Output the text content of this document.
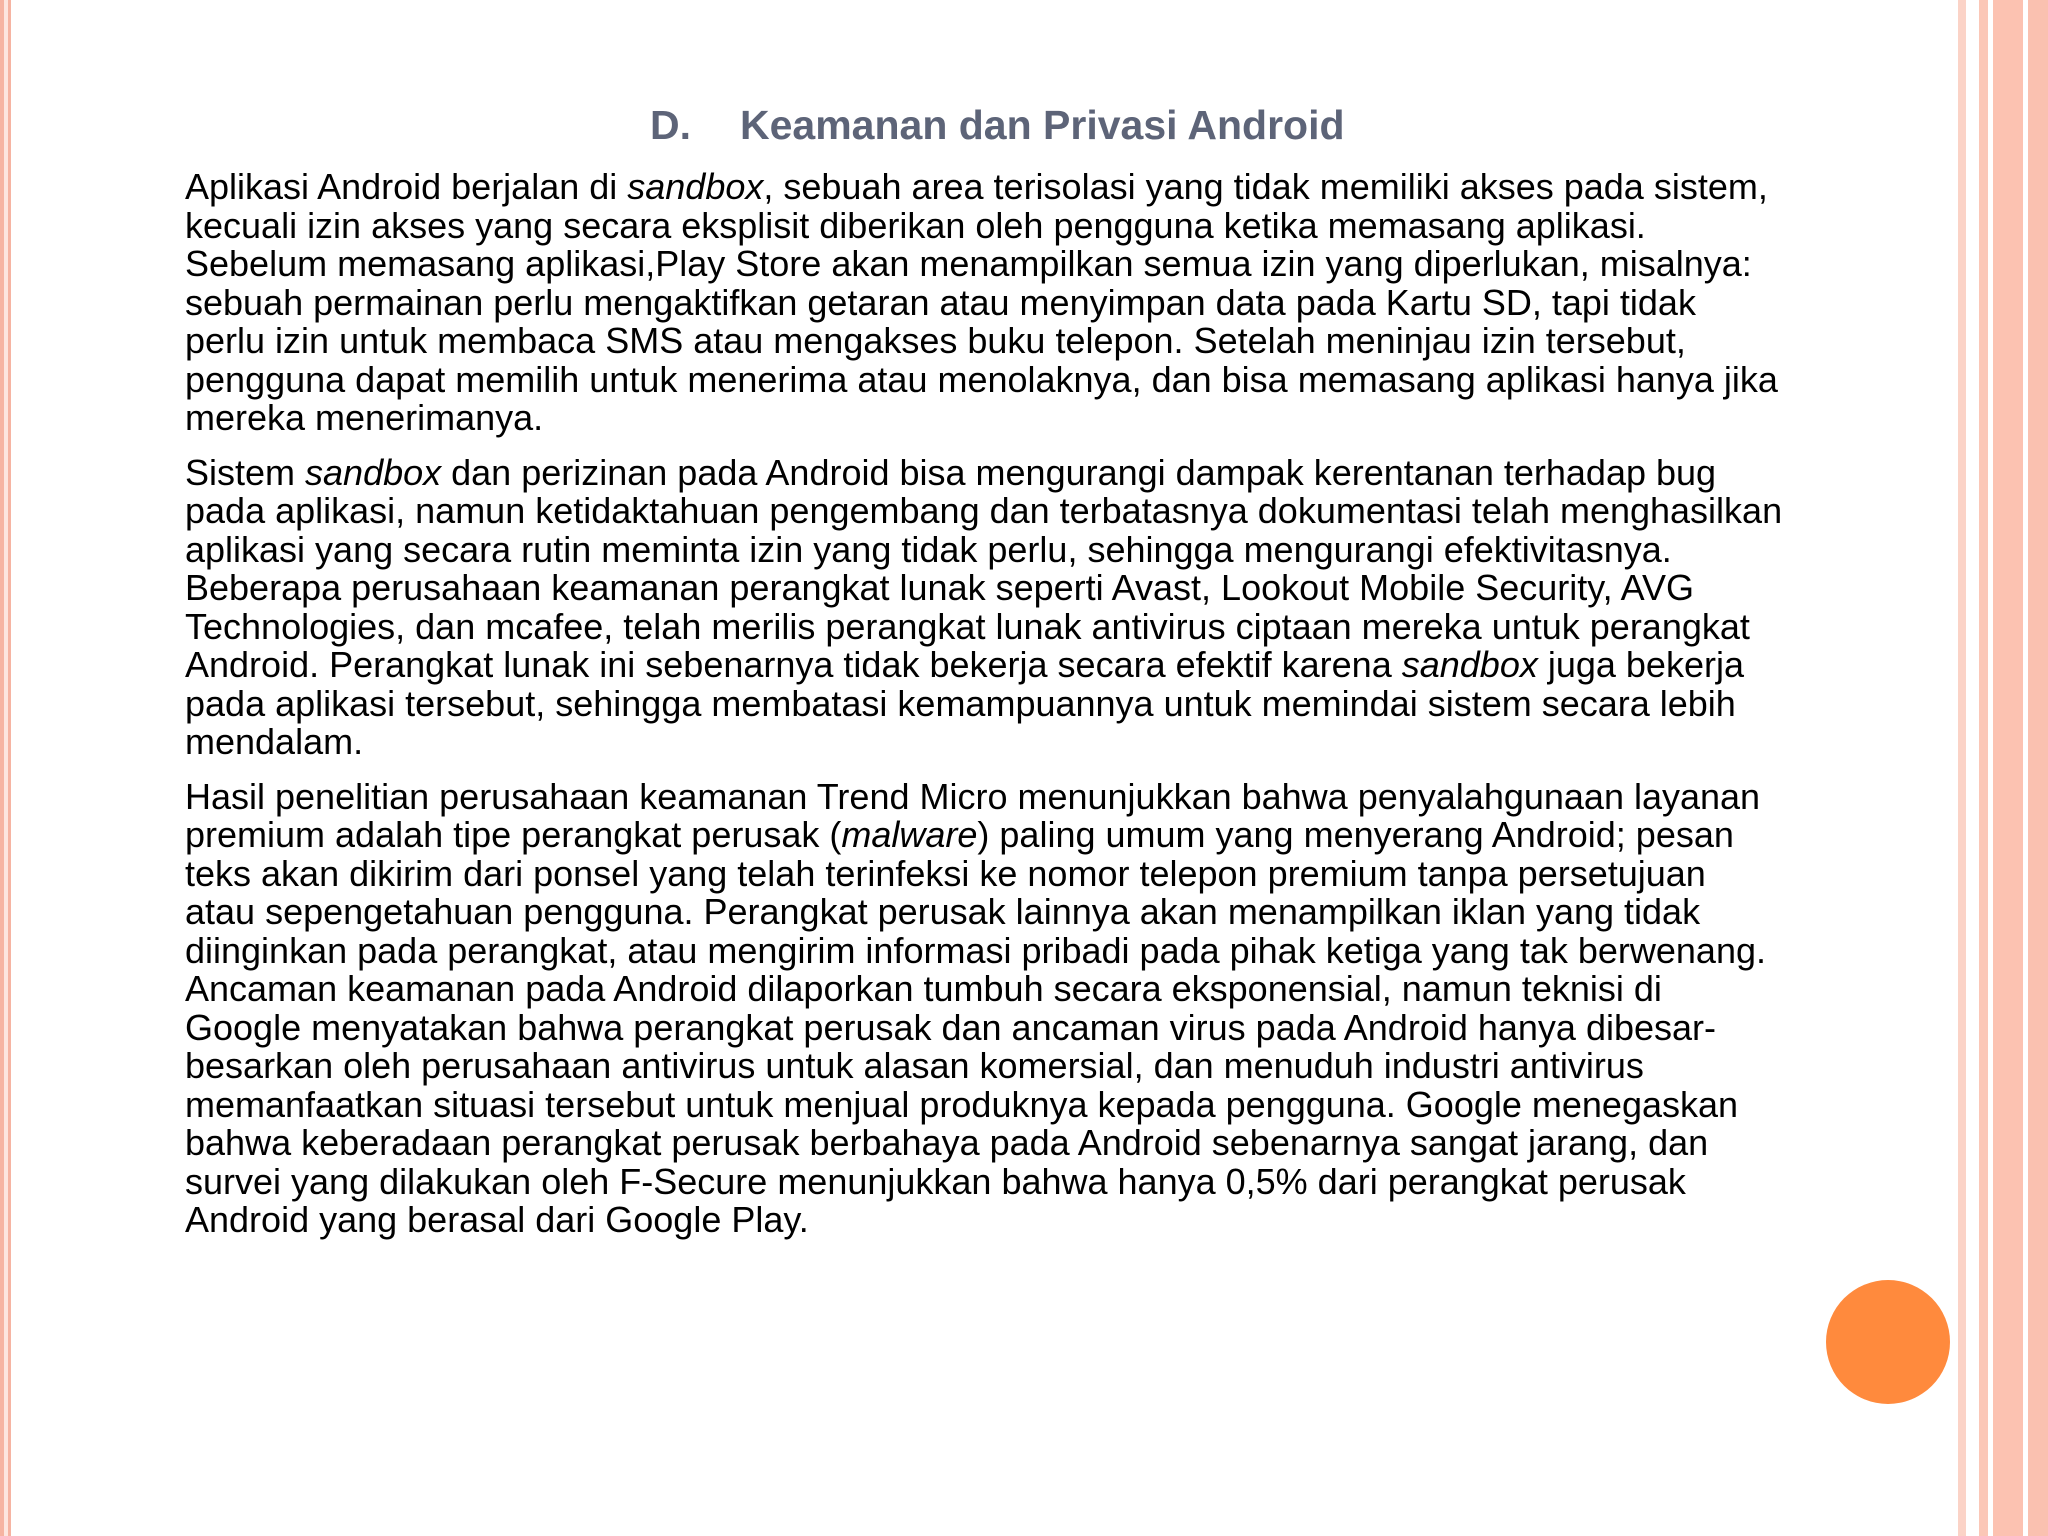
D. Keamanan dan Privasi Android

Aplikasi Android berjalan di sandbox, sebuah area terisolasi yang tidak memiliki akses pada sistem, kecuali izin akses yang secara eksplisit diberikan oleh pengguna ketika memasang aplikasi. Sebelum memasang aplikasi,Play Store akan menampilkan semua izin yang diperlukan, misalnya: sebuah permainan perlu mengaktifkan getaran atau menyimpan data pada Kartu SD, tapi tidak perlu izin untuk membaca SMS atau mengakses buku telepon. Setelah meninjau izin tersebut, pengguna dapat memilih untuk menerima atau menolaknya, dan bisa memasang aplikasi hanya jika mereka menerimanya.

Sistem sandbox dan perizinan pada Android bisa mengurangi dampak kerentanan terhadap bug pada aplikasi, namun ketidaktahuan pengembang dan terbatasnya dokumentasi telah menghasilkan aplikasi yang secara rutin meminta izin yang tidak perlu, sehingga mengurangi efektivitasnya. Beberapa perusahaan keamanan perangkat lunak seperti Avast, Lookout Mobile Security, AVG Technologies, dan mcafee, telah merilis perangkat lunak antivirus ciptaan mereka untuk perangkat Android. Perangkat lunak ini sebenarnya tidak bekerja secara efektif karena sandbox juga bekerja pada aplikasi tersebut, sehingga membatasi kemampuannya untuk memindai sistem secara lebih mendalam.

Hasil penelitian perusahaan keamanan Trend Micro menunjukkan bahwa penyalahgunaan layanan premium adalah tipe perangkat perusak (malware) paling umum yang menyerang Android; pesan teks akan dikirim dari ponsel yang telah terinfeksi ke nomor telepon premium tanpa persetujuan atau sepengetahuan pengguna. Perangkat perusak lainnya akan menampilkan iklan yang tidak diinginkan pada perangkat, atau mengirim informasi pribadi pada pihak ketiga yang tak berwenang. Ancaman keamanan pada Android dilaporkan tumbuh secara eksponensial, namun teknisi di Google menyatakan bahwa perangkat perusak dan ancaman virus pada Android hanya dibesar-besarkan oleh perusahaan antivirus untuk alasan komersial, dan menuduh industri antivirus memanfaatkan situasi tersebut untuk menjual produknya kepada pengguna. Google menegaskan bahwa keberadaan perangkat perusak berbahaya pada Android sebenarnya sangat jarang, dan survei yang dilakukan oleh F-Secure menunjukkan bahwa hanya 0,5% dari perangkat perusak Android yang berasal dari Google Play.
